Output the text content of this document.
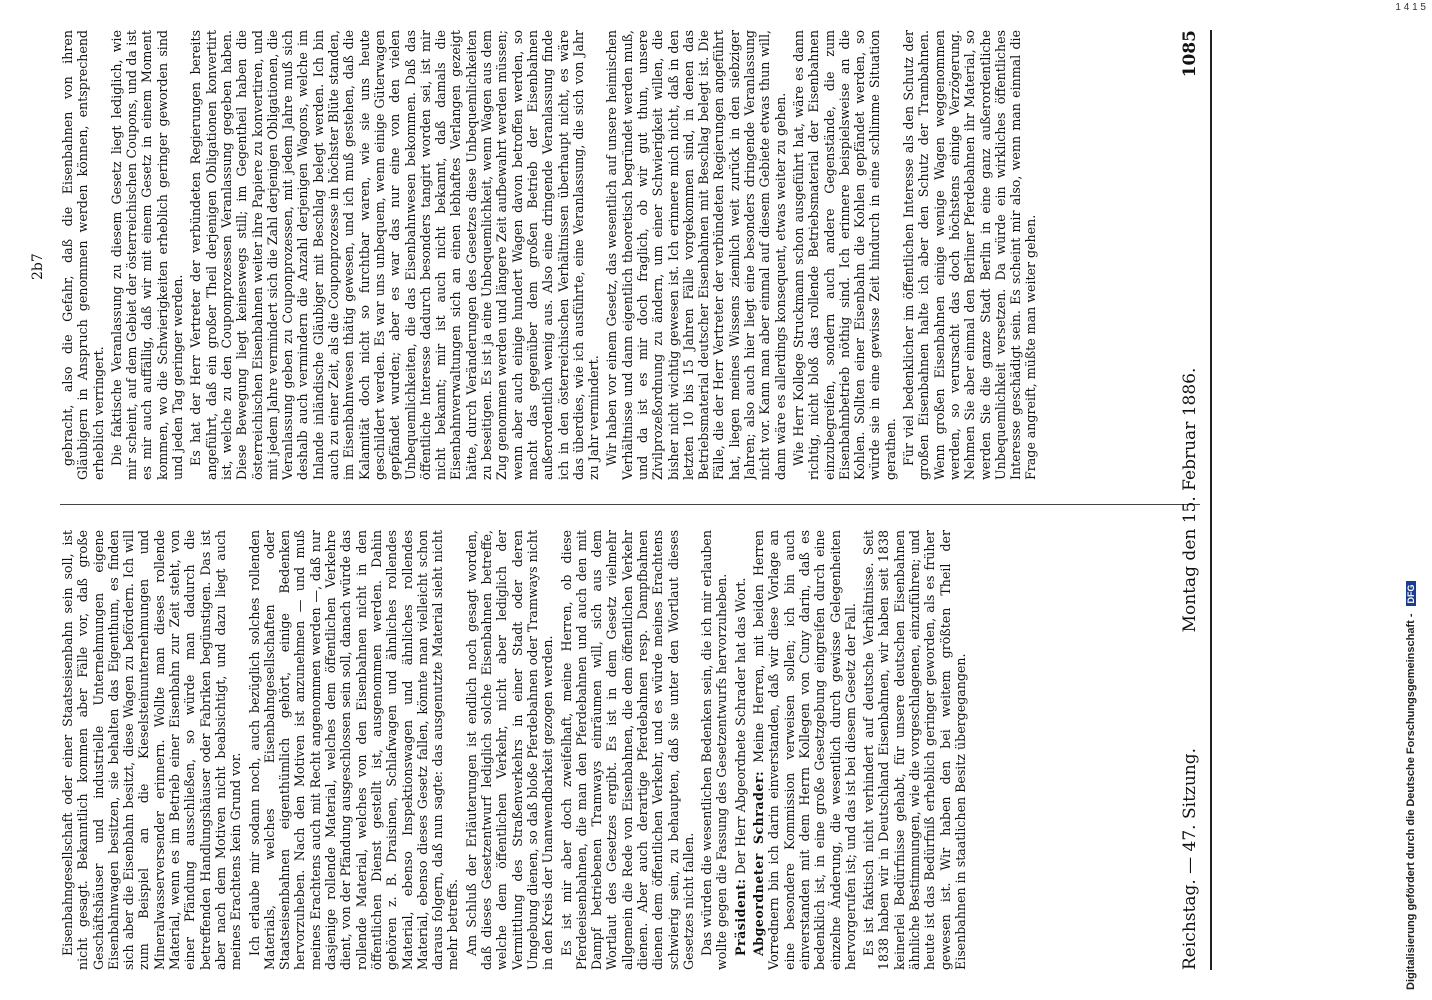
Eisenbahngesellschaft oder einer Staatseisenbahn sein soll, ist nicht gesagt. Bekanntlich kommen aber Fälle vor, daß große Geschäftshäuser und industrielle Unternehmungen eigene Eisenbahnwagen besitzen, sie behalten das Eigenthum, es finden sich aber die Eisenbahn besitzt, diese Wagen zu befördern. Ich will zum Beispiel an die Kieselsteinunternehmungen und Mineralwasserversender erinnern. Wollte man dieses rollende Material, wenn es im Betrieb einer Eisenbahn zur Zeit steht, von einer Pfändung ausschließen, so würde man dadurch die betreffenden Handlungshäuser oder Fabriken begünstigen. Das ist aber nach dem Motiven nicht beabsichtigt, und dazu liegt auch meines Erachtens kein Grund vor. Ich erlaube mir sodann noch, auch bezüglich solches rollenden Materials, welches Eisenbahngesellschaften oder Staatseisenbahnen eigenthümlich gehört, einige Bedenken hervorzuheben. Nach den Motiven ist anzunehmen — und muß meines Erachtens auch mit Recht angenommen werden —, daß nur dasjenige rollende Material, welches dem öffentlichen Verkehre dient, von der Pfändung ausgeschlossen sein soll, danach würde das rollende Material, welches von den Eisenbahnen nicht in den öffentlichen Dienst gestellt ist, ausgenommen werden. Dahin gehören z. B. Draisinen, Schlafwagen und ähnliches rollendes Material, ebenso Inspektionswagen und ähnliches rollendes Material, ebenso dieses Gesetz fallen, könnte man vielleicht schon daraus folgern, daß nun sagte: das ausgenutzte Material sieht nicht mehr betreffs. Am Schluß der Erläuterungen ist endlich noch gesagt worden, daß dieses Gesetzentwurf lediglich solche Eisenbahnen betreffe, welche dem öffentlichen Verkehr, nicht aber lediglich der Vermittlung des Straßenverkehrs in einer Stadt oder deren Umgebung dienen, so daß bloße Pferdebahnen oder Tramways nicht in den Kreis der Unanwendbarkeit gezogen werden. Es ist mir aber doch zweifelhaft, meine Herren, ob diese Pferdeeisenbahnen, die man den Pferdebahnen und auch den mit Dampf betriebenen Tramways einräumen will, sich aus dem Wortlaut des Gesetzes ergibt. Es ist in dem Gesetz vielmehr allgemein die Rede von Eisenbahnen, die dem öffentlichen Verkehr dienen. Aber auch derartige Pferdebahnen resp. Dampfbahnen dienen dem öffentlichen Verkehr, und es würde meines Erachtens schwierig sein, zu behaupten, daß sie unter den Wortlaut dieses Gesetzes nicht fallen. Das würden die wesentlichen Bedenken sein, die ich mir erlauben wollte gegen die Fassung des Gesetzentwurfs hervorzuheben. Präsident: Der Herr Abgeordnete Schrader hat das Wort. Abgeordneter Schrader: Meine Herren, mit beiden Herren Vorrednern bin ich darin einverstanden, daß wir diese Vorlage an eine besondere Kommission verweisen sollen; ich bin auch einverstanden mit dem Herrn Kollegen von Cuny darin, daß es bedenklich ist, in eine große Gesetzgebung eingreifen durch eine einzelne Änderung, die wesentlich durch gewisse Gelegenheiten hervorgerufen ist; und das ist bei diesem Gesetz der Fall. Es ist faktisch nicht verhindert auf deutsche Verhältnisse. Seit 1838 haben wir in Deutschland Eisenbahnen, wir haben seit 1838 keinerlei Bedürfnisse gehabt, für unsere deutschen Eisenbahnen ähnliche Bestimmungen, wie die vorgeschlagenen, einzuführen; und heute ist das Bedürfniß erheblich geringer geworden, als es früher gewesen ist. Wir haben den bei weitem größten Theil der Eisenbahnen in staatlichen Besitz übergegangen.

gebracht, also die Gefahr, daß die Eisenbahnen von ihren Gläubigern in Anspruch genommen werden können, entsprechend erheblich verringert. Die faktische Veranlassung zu diesem Gesetz liegt lediglich, wie mir scheint, auf dem Gebiet der österreichischen Coupons, und da ist es mir auch auffällig, daß wir mit einem Gesetz in einem Moment kommen, wo die Schwierigkeiten erheblich geringer geworden sind und jeden Tag geringer werden. Es hat der Herr Vertreter der verbündeten Regierungen bereits angeführt, daß ein großer Theil derjenigen Obligationen konvertirt ist, welche zu den Couponprozessen Veranlassung gegeben haben. Diese Bewegung liegt keineswegs still; im Gegentheil haben die österreichischen Eisenbahnen weiter ihre Papiere zu konvertiren, und mit jedem Jahre vermindert sich die Zahl derjenigen Obligationen, die Veranlassung geben zu Couponprozessen, mit jedem Jahre muß sich deshalb auch vermindern die Anzahl derjenigen Wagons, welche im Inlande inländische Gläubiger mit Beschlag belegt werden. Ich bin auch zu einer Zeit, als die Couponprozesse in höchster Blüte standen, im Eisenbahnwesen thätig gewesen, und ich muß gestehen, daß die Kalamität doch nicht so furchtbar waren, wie sie uns heute geschildert werden. Es war uns unbequem, wenn einige Güterwagen gepfändet wurden; aber es war das nur eine von den vielen Unbequemlichkeiten, die das Eisenbahnwesen bekommen. Daß das öffentliche Interesse dadurch besonders tangirt worden sei, ist mir nicht bekannt; mir ist auch nicht bekannt, daß damals die Eisenbahnverwaltungen sich an einen lebhaftes Verlangen gezeigt hätte, durch Veränderungen des Gesetzes diese Unbequemlichkeiten zu beseitigen. Es ist ja eine Unbequemlichkeit, wenn Wagen aus dem Zug genommen werden und längere Zeit aufbewahrt werden müssen; wenn aber auch einige hundert Wagen davon betroffen werden, so macht das gegenüber dem großen Betrieb der Eisenbahnen außerordentlich wenig aus. Also eine dringende Veranlassung finde ich in den österreichischen Verhältnissen überhaupt nicht, es wäre das überdies, wie ich ausführte, eine Veranlassung, die sich von Jahr zu Jahr vermindert. Wir haben vor einem Gesetz, das wesentlich auf unsere heimischen Verhältnisse und dann eigentlich theoretisch begründet werden muß, und da ist es mir doch fraglich, ob wir gut thun, unsere Zivilprozeßordnung zu ändern, um einer Schwierigkeit willen, die bisher nicht wichtig gewesen ist. Ich erinnere mich nicht, daß in den letzten 10 bis 15 Jahren Fälle vorgekommen sind, in denen das Betriebsmaterial deutscher Eisenbahnen mit Beschlag belegt ist. Die Fälle, die der Herr Vertreter der verbündeten Regierungen angeführt hat, liegen meines Wissens ziemlich weit zurück in den siebziger Jahren; also auch hier liegt eine besonders dringende Veranlassung nicht vor. Kann man aber einmal auf diesem Gebiete etwas thun will, dann wäre es allerdings konsequent, etwas weiter zu gehen. Wie Herr Kollege Struckmann schon ausgeführt hat, wäre es dann richtig, nicht bloß das rollende Betriebsmaterial der Eisenbahnen einzubegreifen, sondern auch andere Gegenstände, die zum Eisenbahnbetrieb nöthig sind. Ich erinnere beispielsweise an die Kohlen. Sollten einer Eisenbahn die Kohlen gepfändet werden, so würde sie in eine gewisse Zeit hindurch in eine schlimme Situation gerathen. Für viel bedenklicher im öffentlichen Interesse als den Schutz der großen Eisenbahnen halte ich aber den Schutz der Trambahnen. Wenn großen Eisenbahnen einige wenige Wagen weggenommen werden, so verursacht das doch höchstens einige Verzögerung. Nehmen Sie aber einmal den Berliner Pferdebahnen ihr Material, so werden Sie die ganze Stadt Berlin in eine ganz außerordentliche Unbequemlichkeit versetzen. Da würde ein wirkliches öffentliches Interesse geschädigt sein. Es scheint mir also, wenn man einmal die Frage angreift, müßte man weiter gehen.

Reichstag. — 47. Sitzung.
Montag den 15. Februar 1886.
1085
2b7
Digitalisierung gefördert durch die Deutsche Forschungsgemeinschaft - DFG
1 4 1 5
